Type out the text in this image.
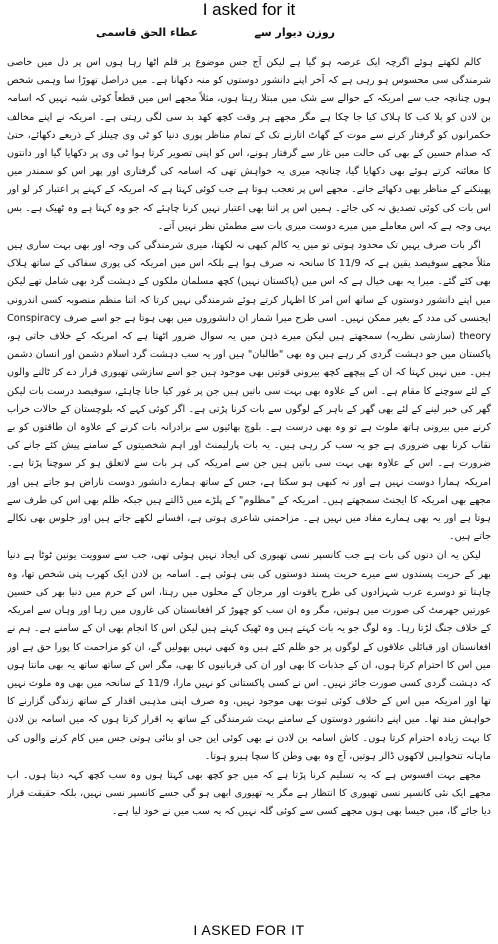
I asked for it
روزن دیوار سے
عطاء الحق قاسمی

کالم لکھتے ہوئے اگرچہ ایک عرصہ ہو گیا ہے لیکن آج جس موضوع پر قلم اٹھا رہا ہوں اس پر دل میں خاصی شرمندگی سی محسوس ہو رہی ہے کہ آخر اپنے دانشور دوستوں کو منہ دکھانا ہے۔ میں دراصل تھوڑا سا وہمی شخص ہوں چنانچہ جب سے امریکہ کے حوالے سے شک میں مبتلا رہتا ہوں، مثلاً مجھے اس میں قطعاً کوئی شبہ نہیں کہ اسامہ بن لادن کو بلا کب کا ہلاک کیا جا چکا ہے مگر مجھے ہر وقت کچھ کھد بد سی لگی رہتی ہے۔ امریکہ نے اپنے مخالف حکمرانوں کو گرفتار کرنے سے موت کے گھاٹ اتارنے تک کے تمام مناظر پوری دنیا کو ٹی وی چینلز کے ذریعے دکھائے، حتیٰ کہ صدام حسین کے بھی کی حالت میں غار سے گرفتار ہونے، اس کو اپنی تصویر کرتا ہوا ٹی وی پر دکھایا گیا اور دانتوں کا معائنہ کرتے ہوئے بھی دکھایا گیا، چنانچہ میری یہ خواہش تھی کہ اسامہ کی گرفتاری اور پھر اس کو سمندر میں پھینکنے کے مناظر بھی دکھائے جاتے۔ مجھے اس پر تعجب ہوتا ہے جب کوئی کہتا ہے کہ امریکہ کے کہنے پر اعتبار کر لو اور اس بات کی کوئی تصدیق نہ کی جائے۔ ہمیں اس پر اتنا بھی اعتبار نہیں کرنا چاہئے کہ جو وہ کہتا ہے وہ ٹھیک ہے۔ بس یہی وجہ ہے کہ اس معاملے میں میرے دوست میری بات سے مطمئن نظر نہیں آتے۔

اگر بات صرف یہیں تک محدود ہوتی تو میں یہ کالم کبھی نہ لکھتا، میری شرمندگی کی وجہ اور بھی بہت ساری ہیں مثلاً مجھے سوفیصد یقین ہے کہ 11/9 کا سانحہ نہ صرف ہوا ہے بلکہ اس میں امریکہ کی پوری سفاکی کے ساتھ ہلاک بھی کئے گئے۔ میرا یہ بھی خیال ہے کہ اس میں (پاکستان نہیں) کچھ مسلمان ملکوں کے دہشت گرد بھی شامل تھے لیکن میں اپنے دانشور دوستوں کے ساتھ اس امر کا اظہار کرتے ہوئے شرمندگی نہیں کرتا کہ اتنا منظم منصوبہ کسی اندرونی ایجنسی کی مدد کے بغیر ممکن نہیں۔ اسی طرح میرا شمار ان دانشوروں میں بھی ہوتا ہے جو اسے صرف Conspiracy theory (سازشی نظریہ) سمجھتے ہیں لیکن میرے ذہن میں یہ سوال ضرور اٹھتا ہے کہ امریکہ کے خلاف جاتی ہو، پاکستان میں جو دہشت گردی کر رہے ہیں وہ بھی "طالبان" ہیں اور یہ سب دہشت گرد اسلام دشمن اور انسان دشمن ہیں۔ میں نہیں کہتا کہ ان کے پیچھے کچھ بیرونی قوتیں بھی موجود ہیں جو اسے سازشی تھیوری قرار دے کر ٹالنے والوں کے لئے سوچنے کا مقام ہے۔ اس کے علاوہ بھی بہت سی باتیں ہیں جن پر غور کیا جانا چاہئے، سوفیصد درست بات لیکن گھر کی خبر لینے کے لئے بھی گھر کے باہر کے لوگوں سے بات کرنا پڑتی ہے۔ اگر کوئی کہے کہ بلوچستان کے حالات خراب کرنے میں بیرونی ہاتھ ملوث ہے تو وہ بھی درست ہے۔ بلوچ بھائیوں سے برادرانہ بات کرنے کے علاوہ ان طاقتوں کو بے نقاب کرنا بھی ضروری ہے جو یہ سب کر رہی ہیں۔ یہ بات پارلیمنٹ اور اہم شخصیتوں کے سامنے پیش کئے جانے کی ضرورت ہے۔ اس کے علاوہ بھی بہت سی باتیں ہیں جن سے امریکہ کی ہر بات سے لاتعلق ہو کر سوچنا پڑتا ہے۔ امریکہ ہمارا دوست نہیں ہے اور نہ کبھی ہو سکتا ہے، جس کے ساتھ ہمارے دانشور دوست ناراض ہو جاتے ہیں اور مجھے بھی امریکہ کا ایجنٹ سمجھتے ہیں۔ امریکہ کے "مظلوم" کے پلڑے میں ڈالتے ہیں جبکہ ظلم بھی اس کی طرف سے ہوتا ہے اور یہ بھی ہمارے مفاد میں نہیں ہے۔ مزاحمتی شاعری ہوتی ہے، افسانے لکھے جاتے ہیں اور جلوس بھی نکالے جاتے ہیں۔

لیکن یہ ان دنوں کی بات ہے جب کانسپر نسی تھیوری کی ایجاد نہیں ہوئی تھی، جب سے سوویت یونین ٹوٹا ہے دنیا بھر کے حریت پسندوں سے میرے حریت پسند دوستوں کی بنی ہوئی ہے۔ اسامہ بن لادن ایک کھرب پتی شخص تھا، وہ چاہتا تو دوسرے عرب شہزادوں کی طرح یاقوت اور مرجان کے محلوں میں رہتا، اس کے حرم میں دنیا بھر کی حسین عورتیں جھرمٹ کی صورت میں ہوتیں، مگر وہ ان سب کو چھوڑ کر افغانستان کی غاروں میں رہا اور وہاں سے امریکہ کے خلاف جنگ لڑتا رہا۔ وہ لوگ جو یہ بات کہتے ہیں وہ ٹھیک کہتے ہیں لیکن اس کا انجام بھی ان کے سامنے ہے۔ ہم نے افغانستان اور قبائلی علاقوں کے لوگوں پر جو ظلم کئے ہیں وہ کبھی نہیں بھولیں گے، ان کو مزاحمت کا پورا حق ہے اور میں اس کا احترام کرتا ہوں، ان کے جذبات کا بھی اور ان کی قربانیوں کا بھی، مگر اس کے ساتھ ساتھ یہ بھی مانتا ہوں کہ دہشت گردی کسی صورت جائز نہیں۔ اس نے کسی پاکستانی کو نہیں مارا، 11/9 کے سانحہ میں بھی وہ ملوث نہیں تھا اور امریکہ میں اس کے خلاف کوئی ثبوت بھی موجود نہیں، وہ صرف اپنی مذہبی اقدار کے ساتھ زندگی گزارنے کا خواہش مند تھا۔ میں اپنے دانشور دوستوں کے سامنے بہت شرمندگی کے ساتھ یہ اقرار کرتا ہوں کہ میں اسامہ بن لادن کا بہت زیادہ احترام کرتا ہوں۔ کاش اسامہ بن لادن نے بھی کوئی این جی او بنائی ہوتی جس میں کام کرنے والوں کی ماہانہ تنخواہیں لاکھوں ڈالر ہوتیں، آج وہ بھی وطن کا سچا ہیرو ہوتا۔

مجھے بہت افسوس ہے کہ یہ تسلیم کرنا پڑتا ہے کہ میں جو کچھ بھی کہتا ہوں وہ سب کچھ کہہ دیتا ہوں۔ اب مجھے ایک نئی کانسپر نسی تھیوری کا انتظار ہے مگر یہ تھیوری ابھی ہو گی جسے کانسپر نسی نہیں، بلکہ حقیقت قرار دیا جائے گا، میں جیسا بھی ہوں مجھے کسی سے کوئی گلہ نہیں کہ یہ سب میں نے خود لیا ہے۔

I ASKED FOR IT
